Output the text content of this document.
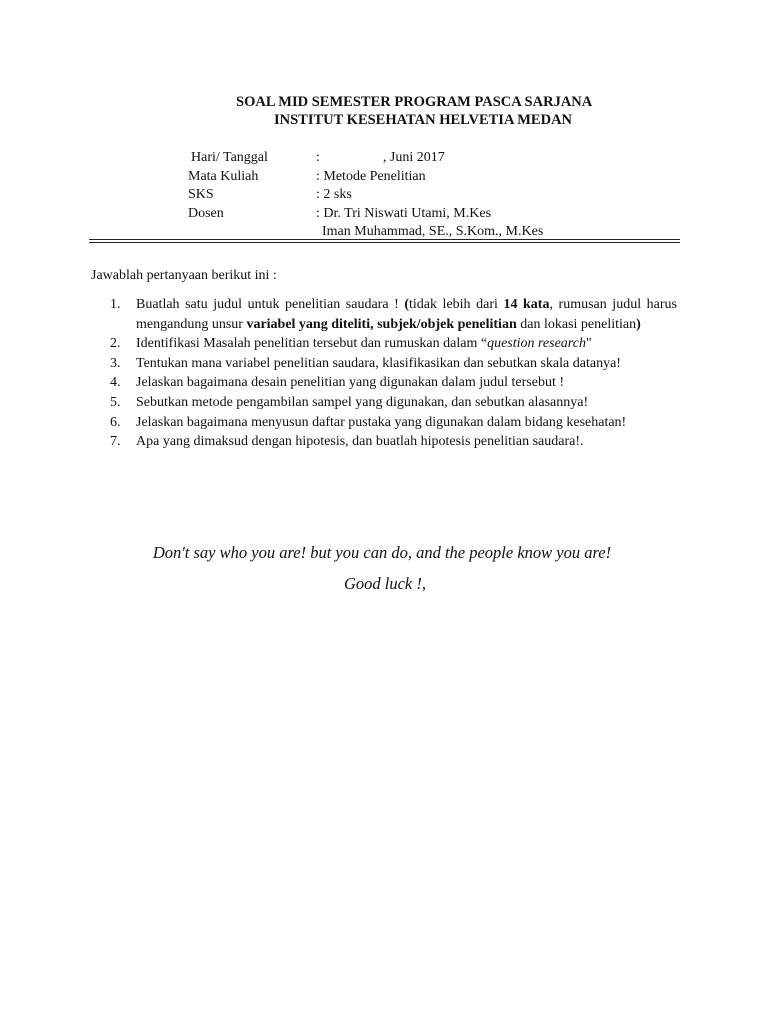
SOAL MID SEMESTER PROGRAM PASCA SARJANA
INSTITUT KESEHATAN HELVETIA MEDAN
Hari/ Tanggal	:                  , Juni 2017
Mata Kuliah	: Metode Penelitian
SKS	: 2 sks
Dosen	: Dr. Tri Niswati Utami, M.Kes
Iman Muhammad, SE., S.Kom., M.Kes
Jawablah pertanyaan berikut ini :
1.	Buatlah satu judul untuk penelitian saudara ! (tidak lebih dari 14 kata, rumusan judul harus mengandung unsur variabel yang diteliti, subjek/objek penelitian dan lokasi penelitian)
2.	Identifikasi Masalah penelitian tersebut dan rumuskan dalam “question research"
3.	Tentukan mana variabel penelitian saudara, klasifikasikan dan sebutkan skala datanya!
4.	Jelaskan bagaimana desain penelitian yang digunakan dalam judul tersebut !
5.	Sebutkan metode pengambilan sampel yang digunakan, dan sebutkan alasannya!
6.	Jelaskan bagaimana menyusun daftar pustaka yang digunakan dalam bidang kesehatan!
7.	Apa yang dimaksud dengan hipotesis, dan buatlah hipotesis penelitian saudara!.
Don't say who you are! but you can do, and the people know you are!
Good luck !,
